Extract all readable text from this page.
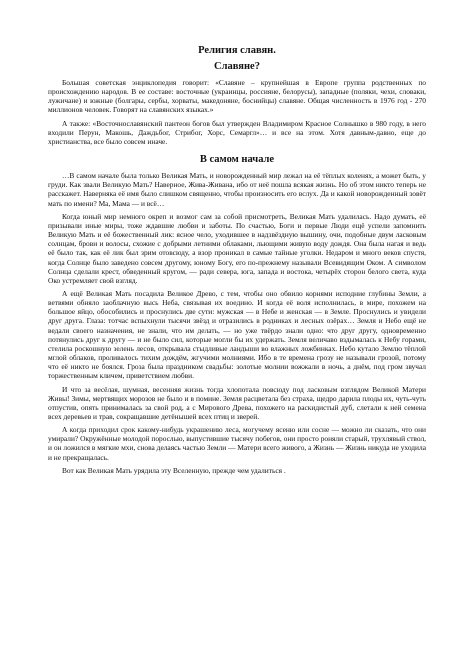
Религия славян.
Славяне?

Большая советская энциклопедия говорит: «Славяне – крупнейшая в Европе группа родственных по происхождению народов. В ее составе: восточные (украинцы, россияне, белорусы), западные (поляки, чехи, словаки, лужичане) и южные (болгары, сербы, хорваты, македоняне, боснийцы) славяне. Общая численность в 1976 год - 270 миллионов человек. Говорят на славянских языках.»

А также: «Восточнославянский пантеон богов был утвержден Владимиром Красное Солнышко в 980 году, в него входили Перун, Макошь, Даждьбог, Стрибог, Хорс, Семаргл»… и все на этом. Хотя давным-давно, еще до христианства, все было совсем иначе.

В самом начале

…В самом начале была только Великая Мать, и новорожденный мир лежал на её тёплых коленях, а может быть, у груди. Как звали Великую Мать? Наверное, Жива-Живана, ибо от неё пошла всякая жизнь. Но об этом никто теперь не расскажет. Наверняка её имя было слишком священно, чтобы произносить его вслух. Да и какой новорожденный зовёт мать по имени? Ма, Мама — и всё…

Когда юный мир немного окреп и возмог сам за собой присмотреть, Великая Мать удалилась. Надо думать, её призывали иные миры, тоже ждавшие любви и заботы. По счастью, Боги и первые Люди ещё успели запомнить Великую Мать и её божественный лик: ясное чело, уходившее в надзвёздную вышину, очи, подобные двум ласковым солнцам, брови и волосы, схожие с добрыми летними облаками, льющими живую воду дождя. Она была нагая и ведь её было так, как её лик был зрим отовсюду, а взор проникал в самые тайные уголки. Недаром и много веков спустя, когда Солнце было заведено совсем другому, юному Богу, его по-прежнему называли Всевидящим Оком. А символом Солнца сделали крест, обведенный кругом, — ради севера, юга, запада и востока, четырёх сторон белого света, куда Око устремляет свой взгляд.

А ещё Великая Мать посадила Великое Древо, с тем, чтобы оно обвило корнями исподние глубины Земли, а ветвями обняло заоблачную высь Неба, связывая их воедино. И когда её воля исполнилась, в мире, похожем на большое яйцо, обособились и проснулись две сути: мужская — в Небе и женская — в Земле. Проснулись и увидели друг друга. Глаза: тотчас вспыхнули тысячи звёзд и отразились в родниках и лесных озёрах… Земля и Небо ещё не ведали своего назначения, не знали, что им делать, — но уже твёрдо знали одно: что друг другу, одновременно потянулись друг к другу — и не было сил, которые могли бы их удержать. Земля величаво вздымалась к Небу горами, стелила роскошную зелень лесов, открывала стыдливые ландыши во влажных ложбинках. Небо кутало Землю тёплой мглой облаков, проливалось тихим дождём, жгучими молниями. Ибо в те времена грозу не называли грозой, потому что её никто не боялся. Гроза была праздником свадьбы: золотые молнии вожжали в ночь, а днём, под гром звучал торжественным кличем, приветствием любви.

И что за весёлая, шумная, весенняя жизнь тогда хлопотала повсюду под ласковым взглядом Великой Матери Живы! Зимы, мертвящих морозов не было и в помине. Земля расцветала без страха, щедро дарила плоды их, чуть-чуть отпустив, опять принималась за свой род, а с Мирового Древа, похожего на раскидистый дуб, слетали к ней семена всех деревьев и трав, сокращавшие детёнышей всех птиц и зверей.

А когда приходил срок какому-нибудь украшению леса, могучему ясеню или сосне — можно ли сказать, что они умирали? Окружённые молодой порослью, выпустившие тысячу побегов, они просто роняли старый, трухлявый ствол, и он ложился в мягкие мхи, снова делаясь частью Земли — Матери всего живого, а Жизнь — Жизнь никуда не уходила и не прекращалась.

Вот как Великая Мать урядила эту Вселенную, прежде чем удалиться .
